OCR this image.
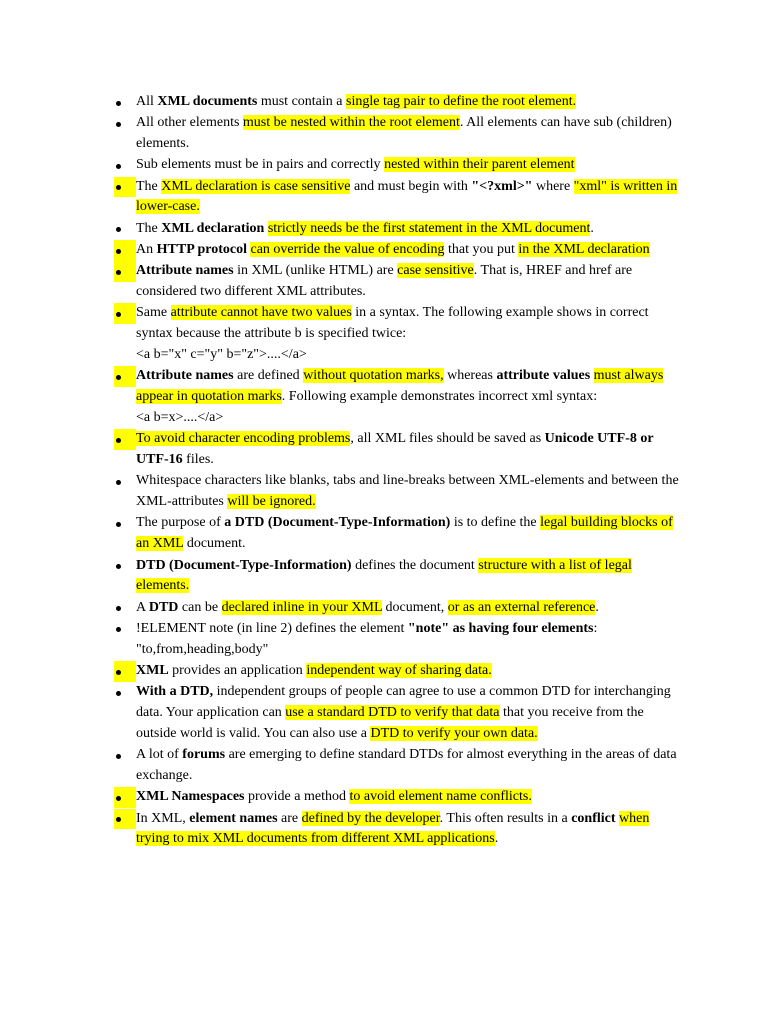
All XML documents must contain a single tag pair to define the root element.
All other elements must be nested within the root element. All elements can have sub (children) elements.
Sub elements must be in pairs and correctly nested within their parent element
The XML declaration is case sensitive and must begin with "<?xml>" where "xml" is written in lower-case.
The XML declaration strictly needs be the first statement in the XML document.
An HTTP protocol can override the value of encoding that you put in the XML declaration
Attribute names in XML (unlike HTML) are case sensitive. That is, HREF and href are considered two different XML attributes.
Same attribute cannot have two values in a syntax. The following example shows in correct syntax because the attribute b is specified twice:
<a b="x" c="y" b="z">....</a>
Attribute names are defined without quotation marks, whereas attribute values must always appear in quotation marks. Following example demonstrates incorrect xml syntax:
<a b=x>....</a>
To avoid character encoding problems, all XML files should be saved as Unicode UTF-8 or
UTF-16 files.
Whitespace characters like blanks, tabs and line-breaks between XML-elements and between the XML-attributes will be ignored.
The purpose of a DTD (Document-Type-Information) is to define the legal building blocks of an XML document.
DTD (Document-Type-Information) defines the document structure with a list of legal elements.
A DTD can be declared inline in your XML document, or as an external reference.
!ELEMENT note (in line 2) defines the element "note" as having four elements:
"to,from,heading,body"
XML provides an application independent way of sharing data.
With a DTD, independent groups of people can agree to use a common DTD for interchanging data. Your application can use a standard DTD to verify that data that you receive from the outside world is valid. You can also use a DTD to verify your own data.
A lot of forums are emerging to define standard DTDs for almost everything in the areas of data exchange.
XML Namespaces provide a method to avoid element name conflicts.
In XML, element names are defined by the developer. This often results in a conflict when trying to mix XML documents from different XML applications.
